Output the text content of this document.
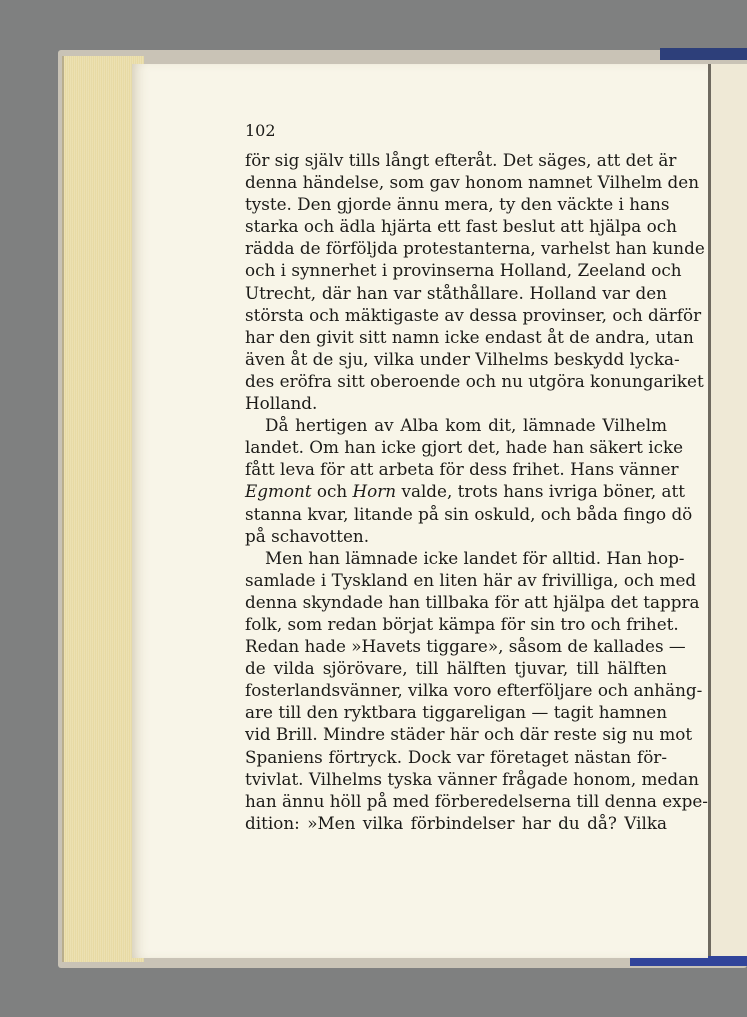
102
för sig själv tills långt efteråt. Det säges, att det är
denna händelse, som gav honom namnet Vilhelm den
tyste. Den gjorde ännu mera, ty den väckte i hans
starka och ädla hjärta ett fast beslut att hjälpa och
rädda de förföljda protestanterna, varhelst han kunde
och i synnerhet i provinserna Holland, Zeeland och
Utrecht, där han var ståthållare. Holland var den
största och mäktigaste av dessa provinser, och därför
har den givit sitt namn icke endast åt de andra, utan
även åt de sju, vilka under Vilhelms beskydd lycka-
des eröfra sitt oberoende och nu utgöra konungariket
Holland.
Då hertigen av Alba kom dit, lämnade Vilhelm
landet. Om han icke gjort det, hade han säkert icke
fått leva för att arbeta för dess frihet. Hans vänner
Egmont och Horn valde, trots hans ivriga böner, att
stanna kvar, litande på sin oskuld, och båda fingo dö
på schavotten.
Men han lämnade icke landet för alltid. Han hop-
samlade i Tyskland en liten här av frivilliga, och med
denna skyndade han tillbaka för att hjälpa det tappra
folk, som redan börjat kämpa för sin tro och frihet.
Redan hade »Havets tiggare», såsom de kallades —
de vilda sjörövare, till hälften tjuvar, till hälften
fosterlandsvänner, vilka voro efterföljare och anhäng-
are till den ryktbara tiggareligan — tagit hamnen
vid Brill. Mindre städer här och där reste sig nu mot
Spaniens förtryck. Dock var företaget nästan för-
tvivlat. Vilhelms tyska vänner frågade honom, medan
han ännu höll på med förberedelserna till denna expe-
dition: »Men vilka förbindelser har du då? Vilka
